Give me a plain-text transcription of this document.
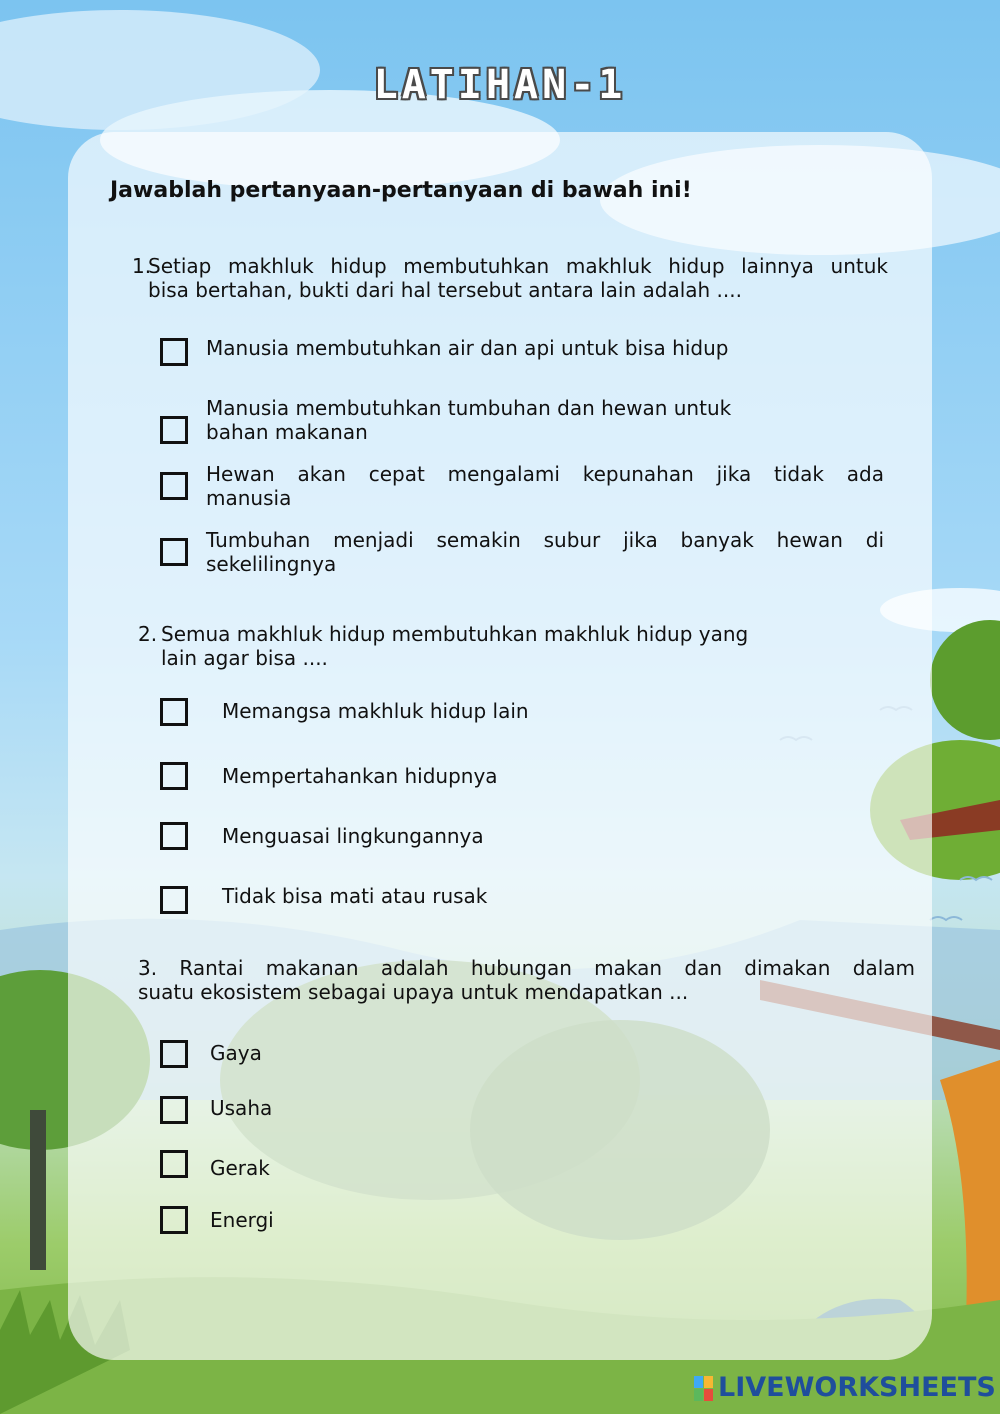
LATIHAN-1
Jawablah pertanyaan-pertanyaan di bawah ini!
1.
Setiap makhluk hidup membutuhkan makhluk hidup lainnya untuk
bisa bertahan, bukti dari hal tersebut antara lain adalah ....
Manusia membutuhkan air dan api untuk bisa hidup
Manusia membutuhkan tumbuhan dan hewan untuk
bahan makanan
Hewan akan cepat mengalami kepunahan jika tidak ada
manusia
Tumbuhan menjadi semakin subur jika banyak hewan di
sekelilingnya
2. Semua makhluk hidup membutuhkan makhluk hidup yang
lain agar bisa ....
Memangsa makhluk hidup lain
Mempertahankan hidupnya
Menguasai lingkungannya
Tidak bisa mati atau rusak
3. Rantai makanan adalah hubungan makan dan dimakan dalam
suatu ekosistem sebagai upaya untuk mendapatkan ...
Gaya
Usaha
Gerak
Energi
LIVEWORKSHEETS
